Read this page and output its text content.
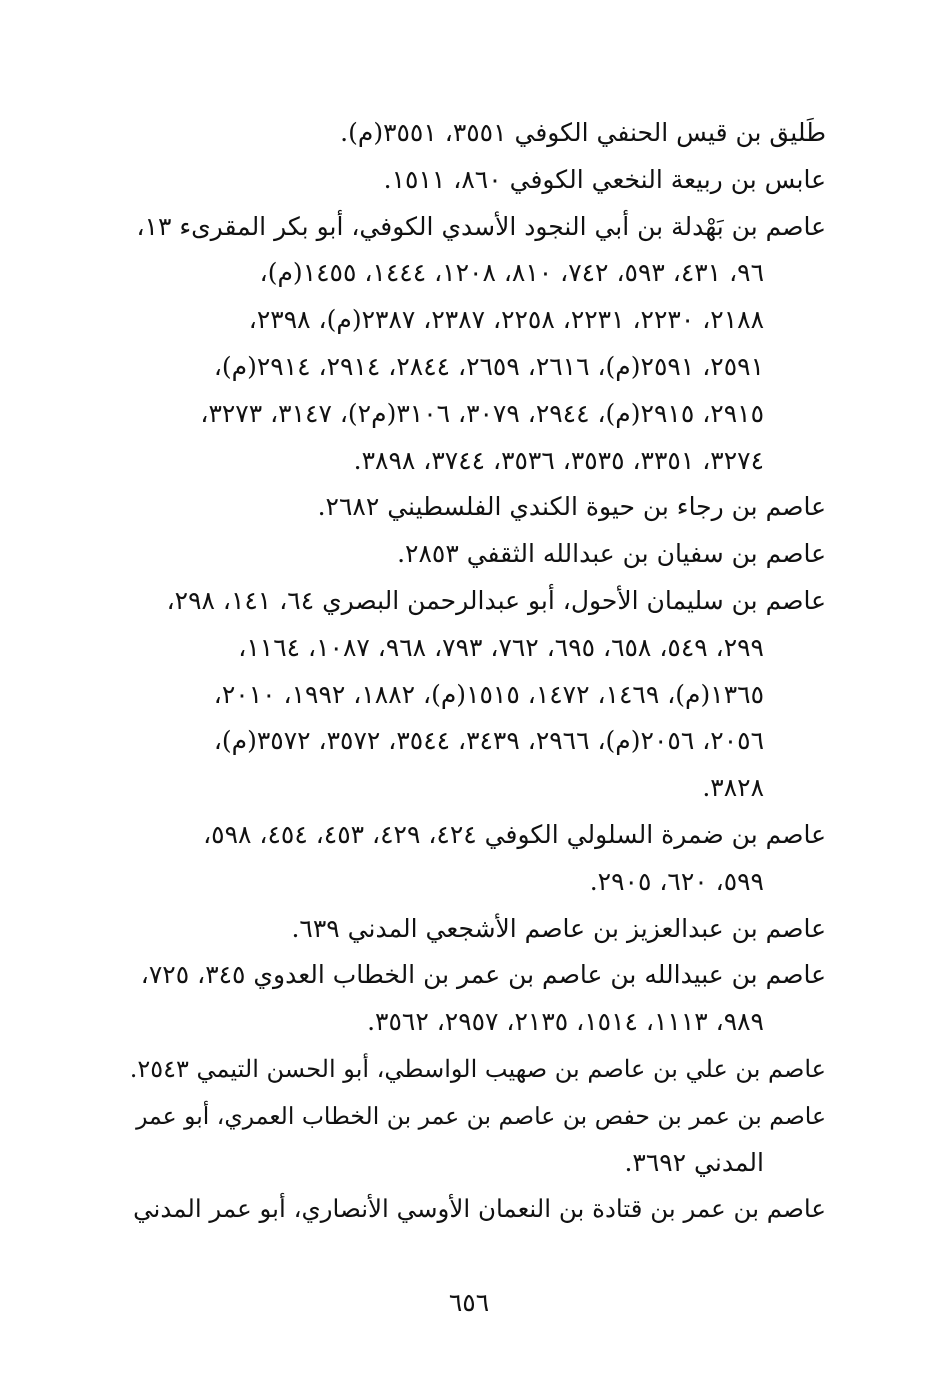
طَليق بن قيس الحنفي الكوفي ٣٥٥١، ٣٥٥١(م).
عابس بن ربيعة النخعي الكوفي ٨٦٠، ١٥١١.
عاصم بن بَهْدلة بن أبي النجود الأسدي الكوفي، أبو بكر المقرىء ١٣،
٩٦، ٤٣١، ٥٩٣، ٧٤٢، ٨١٠، ١٢٠٨، ١٤٤٤، ١٤٥٥(م)،
٢١٨٨، ٢٢٣٠، ٢٢٣١، ٢٢٥٨، ٢٣٨٧، ٢٣٨٧(م)، ٢٣٩٨،
٢٥٩١، ٢٥٩١(م)، ٢٦١٦، ٢٦٥٩، ٢٨٤٤، ٢٩١٤، ٢٩١٤(م)،
٢٩١٥، ٢٩١٥(م)، ٢٩٤٤، ٣٠٧٩، ٣١٠٦(م٢)، ٣١٤٧، ٣٢٧٣،
٣٢٧٤، ٣٣٥١، ٣٥٣٥، ٣٥٣٦، ٣٧٤٤، ٣٨٩٨.
عاصم بن رجاء بن حيوة الكندي الفلسطيني ٢٦٨٢.
عاصم بن سفيان بن عبدالله الثقفي ٢٨٥٣.
عاصم بن سليمان الأحول، أبو عبدالرحمن البصري ٦٤، ١٤١، ٢٩٨،
٢٩٩، ٥٤٩، ٦٥٨، ٦٩٥، ٧٦٢، ٧٩٣، ٩٦٨، ١٠٨٧، ١١٦٤،
١٣٦٥(م)، ١٤٦٩، ١٤٧٢، ١٥١٥(م)، ١٨٨٢، ١٩٩٢، ٢٠١٠،
٢٠٥٦، ٢٠٥٦(م)، ٢٩٦٦، ٣٤٣٩، ٣٥٤٤، ٣٥٧٢، ٣٥٧٢(م)،
٣٨٢٨.
عاصم بن ضمرة السلولي الكوفي ٤٢٤، ٤٢٩، ٤٥٣، ٤٥٤، ٥٩٨،
٥٩٩، ٦٢٠، ٢٩٠٥.
عاصم بن عبدالعزيز بن عاصم الأشجعي المدني ٦٣٩.
عاصم بن عبيدالله بن عاصم بن عمر بن الخطاب العدوي ٣٤٥، ٧٢٥،
٩٨٩، ١١١٣، ١٥١٤، ٢١٣٥، ٢٩٥٧، ٣٥٦٢.
عاصم بن علي بن عاصم بن صهيب الواسطي، أبو الحسن التيمي ٢٥٤٣.
عاصم بن عمر بن حفص بن عاصم بن عمر بن الخطاب العمري، أبو عمر
المدني ٣٦٩٢.
عاصم بن عمر بن قتادة بن النعمان الأوسي الأنصاري، أبو عمر المدني
٦٥٦
